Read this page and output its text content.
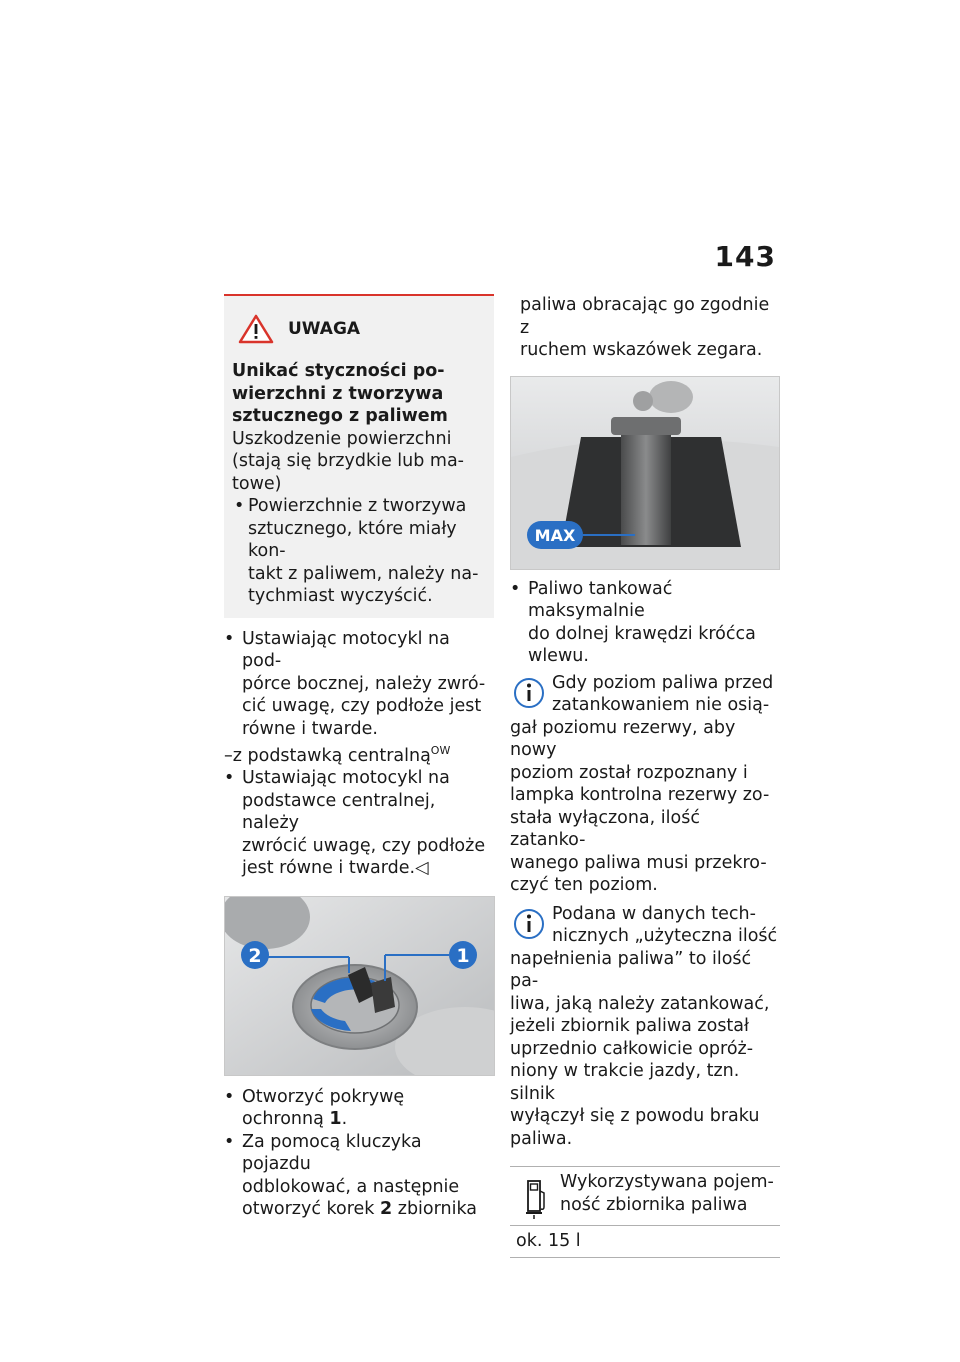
143
UWAGA

Unikać styczności po-

wierzchni z tworzywa

sztucznego z paliwem

Uszkodzenie powierzchni

(stają się brzydkie lub ma-

towe)

• Powierzchnie z tworzywa

sztucznego, które miały kon-

takt z paliwem, należy na-

tychmiast wyczyścić.

• Ustawiając motocykl na pod-

pórce bocznej, należy zwró-

cić uwagę, czy podłoże jest

równe i twarde.

–z podstawką centralną$^{OW}$

• Ustawiając motocykl na

podstawce centralnej, należy

zwrócić uwagę, czy podłoże

jest równe i twarde.◁

2	1

• Otworzyć pokrywę

ochronną 1.

• Za pomocą kluczyka pojazdu

odblokować, a następnie

otworzyć korek 2 zbiornika

paliwa obracając go zgodnie z

ruchem wskazówek zegara.

MAX

• Paliwo tankować maksymalnie

do dolnej krawędzi króćca

wlewu.

Gdy poziom paliwa przed

zatankowaniem nie osią-

gał poziomu rezerwy, aby nowy

poziom został rozpoznany i

lampka kontrolna rezerwy zo-

stała wyłączona, ilość zatanko-

wanego paliwa musi przekro-

czyć ten poziom.

Podana w danych tech-

nicznych „użyteczna ilość

napełnienia paliwa” to ilość pa-

liwa, jaką należy zatankować,

jeżeli zbiornik paliwa został

uprzednio całkowicie opróż-

niony w trakcie jazdy, tzn. silnik

wyłączył się z powodu braku

paliwa.

Wykorzystywana pojem-

ność zbiornika paliwa

ok. 15 l
